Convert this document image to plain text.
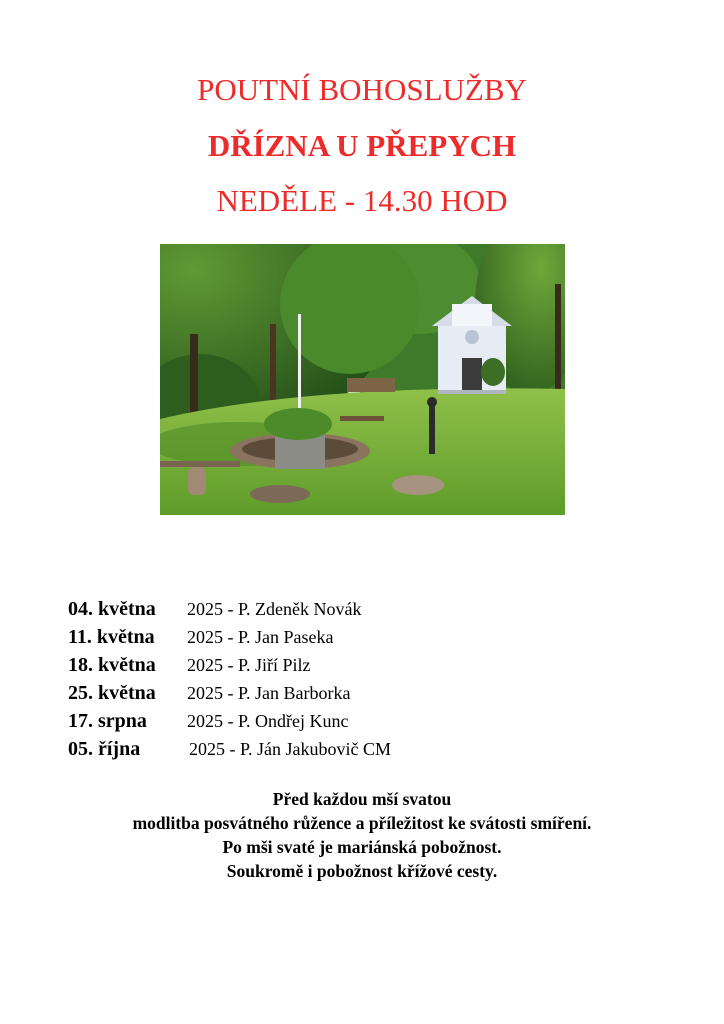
POUTNÍ BOHOSLUŽBY
DŘÍZNA U PŘEPYCH
NEDĚLE - 14.30 HOD
04. května 2025 - P. Zdeněk Novák
11. května 2025 - P. Jan Paseka
18. května 2025 - P. Jiří Pilz
25. května 2025 - P. Jan Barborka
17. srpna 2025 - P. Ondřej Kunc
05. října	2025 - P. Ján Jakubovič CM

Před každou mší svatou
modlitba posvátného růžence a příležitost ke svátosti smíření.
Po mši svaté je mariánská pobožnost.
Soukromě i pobožnost křížové cesty.
